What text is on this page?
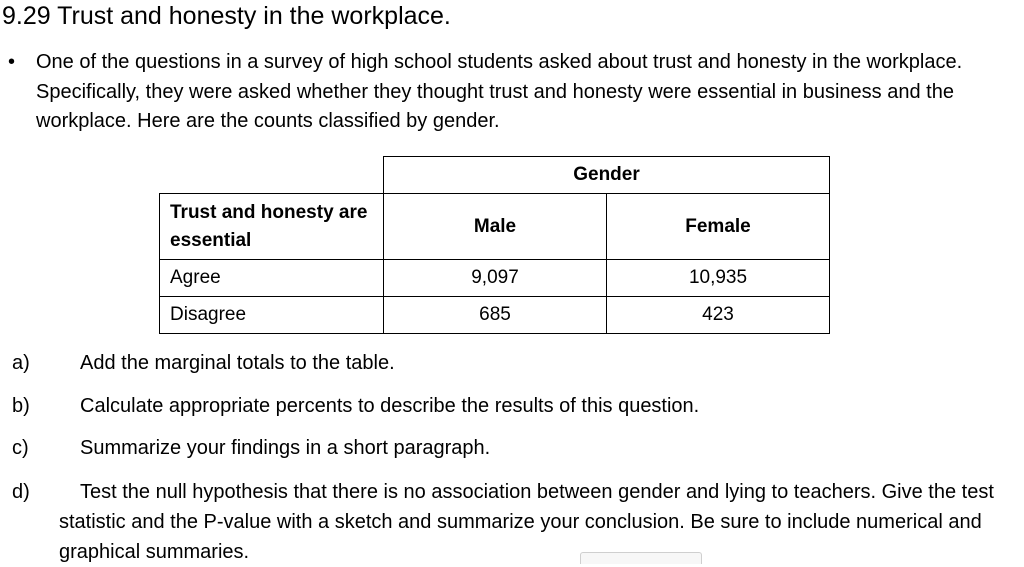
9.29 Trust and honesty in the workplace.
• One of the questions in a survey of high school students asked about trust and honesty in the workplace. Specifically, they were asked whether they thought trust and honesty were essential in business and the workplace. Here are the counts classified by gender.
	Gender	
Trust and honesty are essential	Male	Female
Agree	9,097	10,935
Disagree	685	423
a)	Add the marginal totals to the table.
b)	Calculate appropriate percents to describe the results of this question.
c)	Summarize your findings in a short paragraph.
d)	Test the null hypothesis that there is no association between gender and lying to teachers. Give the test statistic and the P-value with a sketch and summarize your conclusion. Be sure to include numerical and graphical summaries.
